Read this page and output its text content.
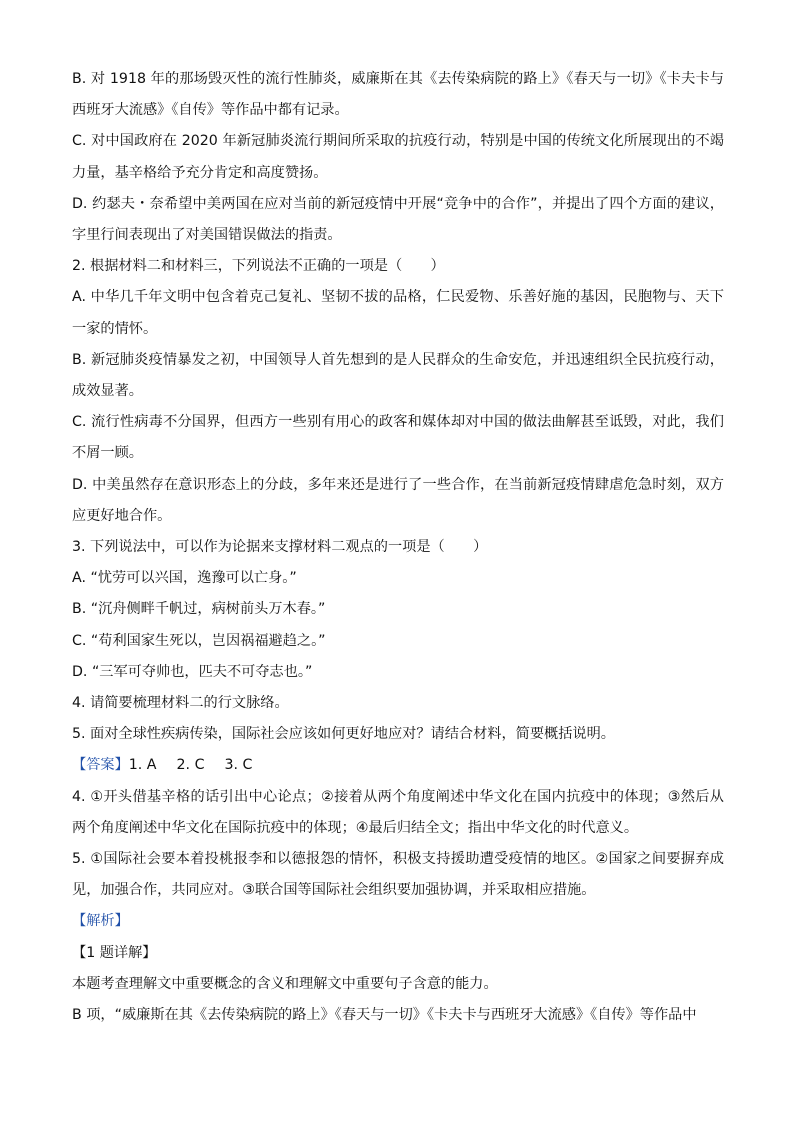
B. 对 1918 年的那场毁灭性的流行性肺炎，威廉斯在其《去传染病院的路上》《春天与一切》《卡夫卡与西班牙大流感》《自传》等作品中都有记录。

C. 对中国政府在 2020 年新冠肺炎流行期间所采取的抗疫行动，特别是中国的传统文化所展现出的不竭力量，基辛格给予充分肯定和高度赞扬。

D. 约瑟夫・奈希望中美两国在应对当前的新冠疫情中开展“竞争中的合作”，并提出了四个方面的建议，字里行间表现出了对美国错误做法的指责。

2. 根据材料二和材料三，下列说法不正确的一项是（　　）

A. 中华几千年文明中包含着克己复礼、坚韧不拔的品格，仁民爱物、乐善好施的基因，民胞物与、天下一家的情怀。

B. 新冠肺炎疫情暴发之初，中国领导人首先想到的是人民群众的生命安危，并迅速组织全民抗疫行动，成效显著。

C. 流行性病毒不分国界，但西方一些别有用心的政客和媒体却对中国的做法曲解甚至诋毁，对此，我们不屑一顾。

D. 中美虽然存在意识形态上的分歧，多年来还是进行了一些合作，在当前新冠疫情肆虐危急时刻，双方应更好地合作。

3. 下列说法中，可以作为论据来支撑材料二观点的一项是（　　）

A. “忧劳可以兴国，逸豫可以亡身。”

B. “沉舟侧畔千帆过，病树前头万木春。”

C. “苟利国家生死以，岂因祸福避趋之。”

D. “三军可夺帅也，匹夫不可夺志也。”

4. 请简要梳理材料二的行文脉络。

5. 面对全球性疾病传染，国际社会应该如何更好地应对？请结合材料，简要概括说明。

【答案】1. A 2. C 3. C

4. ①开头借基辛格的话引出中心论点；②接着从两个角度阐述中华文化在国内抗疫中的体现；③然后从两个角度阐述中华文化在国际抗疫中的体现；④最后归结全文；指出中华文化的时代意义。

5. ①国际社会要本着投桃报李和以德报怨的情怀，积极支持援助遭受疫情的地区。②国家之间要摒弃成见，加强合作，共同应对。③联合国等国际社会组织要加强协调，并采取相应措施。

【解析】

【1 题详解】

本题考查理解文中重要概念的含义和理解文中重要句子含意的能力。

B 项，“威廉斯在其《去传染病院的路上》《春天与一切》《卡夫卡与西班牙大流感》《自传》等作品中
